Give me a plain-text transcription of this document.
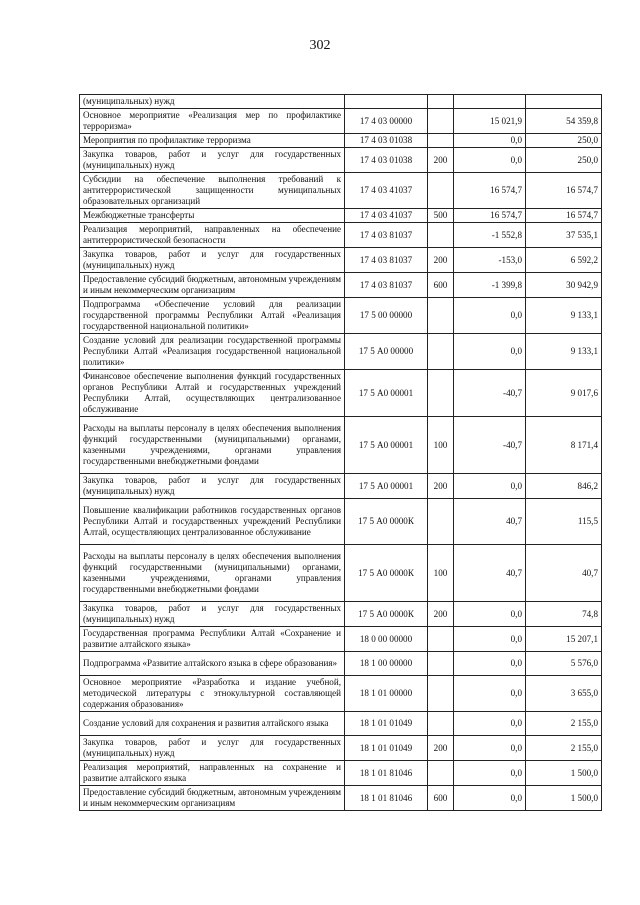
302
(муниципальных) нужд				
Основное мероприятие «Реализация мер по профилактике терроризма»	17 4 03 00000		15 021,9	54 359,8
Мероприятия по профилактике терроризма	17 4 03 01038		0,0	250,0
Закупка товаров, работ и услуг для государственных (муниципальных) нужд	17 4 03 01038	200	0,0	250,0
Субсидии на обеспечение выполнения требований к антитеррористической защищенности муниципальных образовательных организаций	17 4 03 41037		16 574,7	16 574,7
Межбюджетные трансферты	17 4 03 41037	500	16 574,7	16 574,7
Реализация мероприятий, направленных на обеспечение антитеррористической безопасности	17 4 03 81037		-1 552,8	37 535,1
Закупка товаров, работ и услуг для государственных (муниципальных) нужд	17 4 03 81037	200	-153,0	6 592,2
Предоставление субсидий бюджетным, автономным учреждениям и иным некоммерческим организациям	17 4 03 81037	600	-1 399,8	30 942,9
Подпрограмма «Обеспечение условий для реализации государственной программы Республики Алтай «Реализация государственной национальной политики»	17 5 00 00000		0,0	9 133,1
Создание условий для реализации государственной программы Республики Алтай «Реализация государственной национальной политики»	17 5 А0 00000		0,0	9 133,1
Финансовое обеспечение выполнения функций государственных органов Республики Алтай и государственных учреждений Республики Алтай, осуществляющих централизованное обслуживание	17 5 А0 00001		-40,7	9 017,6
Расходы на выплаты персоналу в целях обеспечения выполнения функций государственными (муниципальными) органами, казенными учреждениями, органами управления государственными внебюджетными фондами	17 5 А0 00001	100	-40,7	8 171,4
Закупка товаров, работ и услуг для государственных (муниципальных) нужд	17 5 А0 00001	200	0,0	846,2
Повышение квалификации работников государственных органов Республики Алтай и государственных учреждений Республики Алтай, осуществляющих централизованное обслуживание	17 5 А0 0000К		40,7	115,5
Расходы на выплаты персоналу в целях обеспечения выполнения функций государственными (муниципальными) органами, казенными учреждениями, органами управления государственными внебюджетными фондами	17 5 А0 0000К	100	40,7	40,7
Закупка товаров, работ и услуг для государственных (муниципальных) нужд	17 5 А0 0000К	200	0,0	74,8
Государственная программа Республики Алтай «Сохранение и развитие алтайского языка»	18 0 00 00000		0,0	15 207,1
Подпрограмма «Развитие алтайского языка в сфере образования»	18 1 00 00000		0,0	5 576,0
Основное мероприятие «Разработка и издание учебной, методической литературы с этнокультурной составляющей содержания образования»	18 1 01 00000		0,0	3 655,0
Создание условий для сохранения и развития алтайского языка	18 1 01 01049		0,0	2 155,0
Закупка товаров, работ и услуг для государственных (муниципальных) нужд	18 1 01 01049	200	0,0	2 155,0
Реализация мероприятий, направленных на сохранение и развитие алтайского языка	18 1 01 81046		0,0	1 500,0
Предоставление субсидий бюджетным, автономным учреждениям и иным некоммерческим организациям	18 1 01 81046	600	0,0	1 500,0
